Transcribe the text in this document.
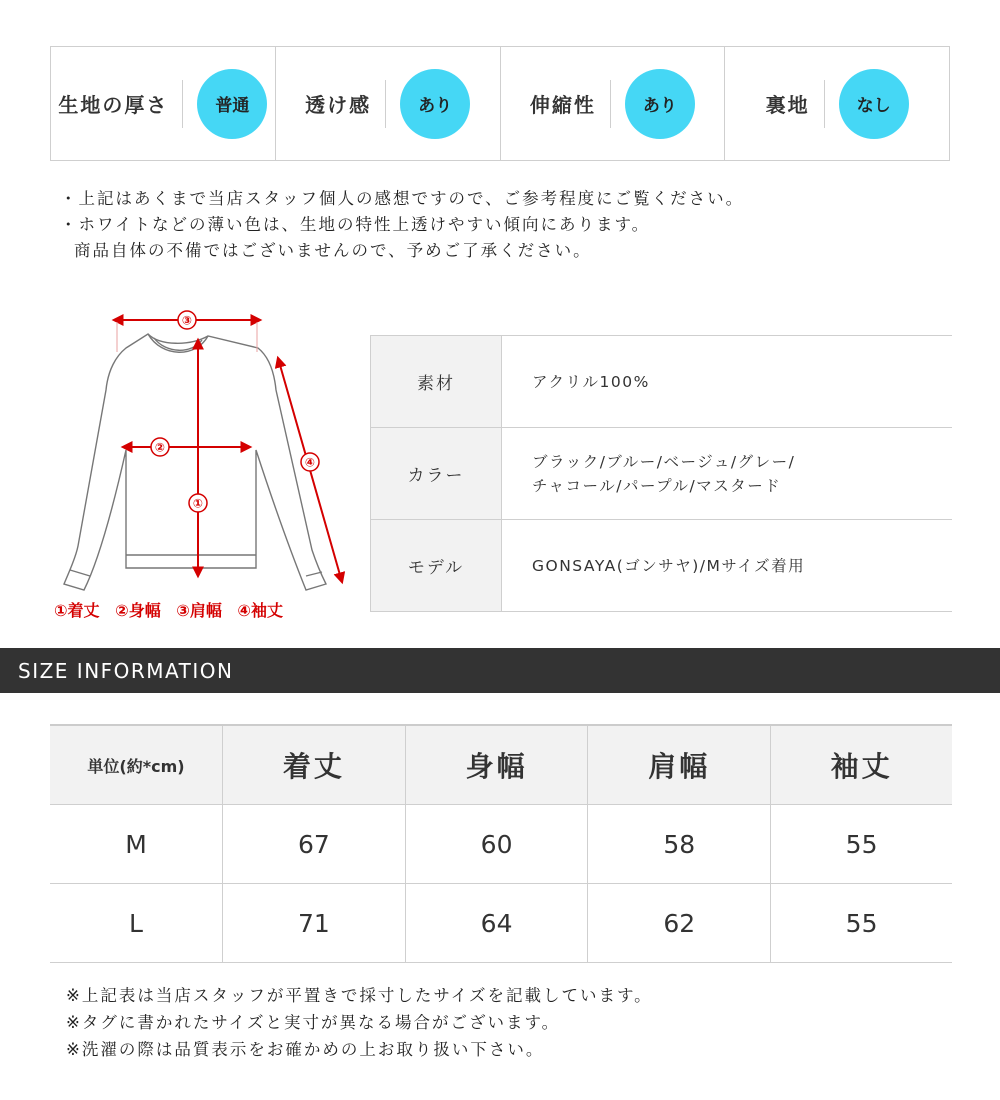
生地の厚さ	普通	透け感	あり	伸縮性	あり	裏地	なし
・上記はあくまで当店スタッフ個人の感想ですので、ご参考程度にご覧ください。
・ホワイトなどの薄い色は、生地の特性上透けやすい傾向にあります。
商品自体の不備ではございませんので、予めご了承ください。
③
②
①
④
①着丈 ②身幅 ③肩幅 ④袖丈
素材	アクリル100%

カラー	ブラック/ブルー/ベージュ/グレー/
チャコール/パープル/マスタード

モデル	GONSAYA(ゴンサヤ)/Mサイズ着用
SIZE INFORMATION
単位(約*cm)	着丈	身幅	肩幅	袖丈
M	67	60	58	55
L	71	64	62	55
※上記表は当店スタッフが平置きで採寸したサイズを記載しています。
※タグに書かれたサイズと実寸が異なる場合がございます。
※洗濯の際は品質表示をお確かめの上お取り扱い下さい。
